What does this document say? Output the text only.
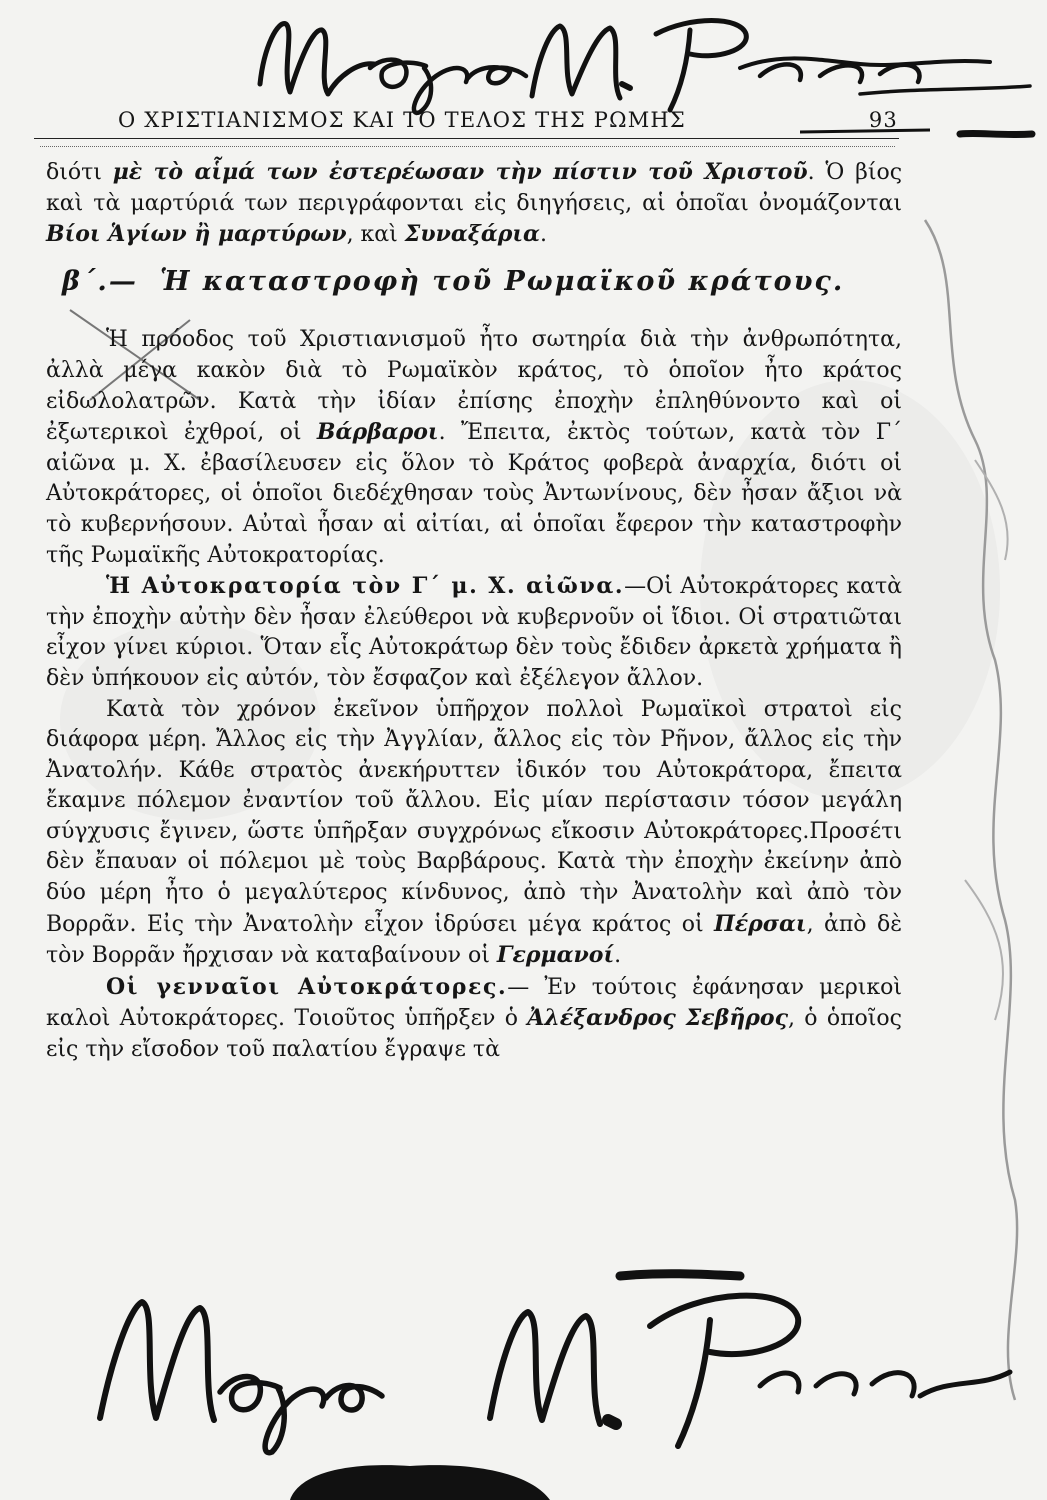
Ο ΧΡΙΣΤΙΑΝΙΣΜΟΣ ΚΑΙ ΤΟ ΤΕΛΟΣ ΤΗΣ ΡΩΜΗΣ	93

διότι μὲ τὸ αἷμά των ἐστερέωσαν τὴν πίστιν τοῦ Χριστοῦ. Ὁ βίος καὶ τὰ μαρτύριά των περιγράφονται εἰς διηγήσεις, αἱ ὁποῖαι ὀνομάζονται Βίοι Ἁγίων ἢ μαρτύρων, καὶ Συναξάρια.

β΄.— Ἡ καταστροφὴ τοῦ Ρωμαϊκοῦ κράτους.

Ἡ πρόοδος τοῦ Χριστιανισμοῦ ἦτο σωτηρία διὰ τὴν ἀνθρωπότητα, ἀλλὰ μέγα κακὸν διὰ τὸ Ρωμαϊκὸν κράτος, τὸ ὁποῖον ἦτο κράτος εἰδωλολατρῶν. Κατὰ τὴν ἰδίαν ἐπίσης ἐποχὴν ἐπληθύνοντο καὶ οἱ ἐξωτερικοὶ ἐχθροί, οἱ Βάρβαροι. Ἔπειτα, ἐκτὸς τούτων, κατὰ τὸν Γ΄ αἰῶνα μ. Χ. ἐβασίλευσεν εἰς ὅλον τὸ Κράτος φοβερὰ ἀναρχία, διότι οἱ Αὐτοκράτορες, οἱ ὁποῖοι διεδέχθησαν τοὺς Ἀντωνίνους, δὲν ἦσαν ἄξιοι νὰ τὸ κυβερνήσουν. Αὐταὶ ἦσαν αἱ αἰτίαι, αἱ ὁποῖαι ἔφερον τὴν καταστροφὴν τῆς Ρωμαϊκῆς Αὐτοκρατορίας.

Ἡ Αὐτοκρατορία τὸν Γ΄ μ. Χ. αἰῶνα.—Οἱ Αὐτοκράτορες κατὰ τὴν ἐποχὴν αὐτὴν δὲν ἦσαν ἐλεύθεροι νὰ κυβερνοῦν οἱ ἴδιοι. Οἱ στρατιῶται εἶχον γίνει κύριοι. Ὅταν εἷς Αὐτοκράτωρ δὲν τοὺς ἔδιδεν ἀρκετὰ χρήματα ἢ δὲν ὑπήκουον εἰς αὐτόν, τὸν ἔσφαζον καὶ ἐξέλεγον ἄλλον.

Κατὰ τὸν χρόνον ἐκεῖνον ὑπῆρχον πολλοὶ Ρωμαϊκοὶ στρατοὶ εἰς διάφορα μέρη. Ἄλλος εἰς τὴν Ἀγγλίαν, ἄλλος εἰς τὸν Ρῆνον, ἄλλος εἰς τὴν Ἀνατολήν. Κάθε στρατὸς ἀνεκήρυττεν ἰδικόν του Αὐτοκράτορα, ἔπειτα ἔκαμνε πόλεμον ἐναντίον τοῦ ἄλλου. Εἰς μίαν περίστασιν τόσον μεγάλη σύγχυσις ἔγινεν, ὥστε ὑπῆρξαν συγχρόνως εἴκοσιν Αὐτοκράτορες.Προσέτι δὲν ἔπαυαν οἱ πόλεμοι μὲ τοὺς Βαρβάρους. Κατὰ τὴν ἐποχὴν ἐκείνην ἀπὸ δύο μέρη ἦτο ὁ μεγαλύτερος κίνδυνος, ἀπὸ τὴν Ἀνατολὴν καὶ ἀπὸ τὸν Βορρᾶν. Εἰς τὴν Ἀνατολὴν εἶχον ἱδρύσει μέγα κράτος οἱ Πέρσαι, ἀπὸ δὲ τὸν Βορρᾶν ἤρχισαν νὰ καταβαίνουν οἱ Γερμανοί.

Οἱ γενναῖοι Αὐτοκράτορες.— Ἐν τούτοις ἐφάνησαν μερικοὶ καλοὶ Αὐτοκράτορες. Τοιοῦτος ὑπῆρξεν ὁ Ἀλέξανδρος Σεβῆρος, ὁ ὁποῖος εἰς τὴν εἴσοδον τοῦ παλατίου ἔγραψε τὰ
